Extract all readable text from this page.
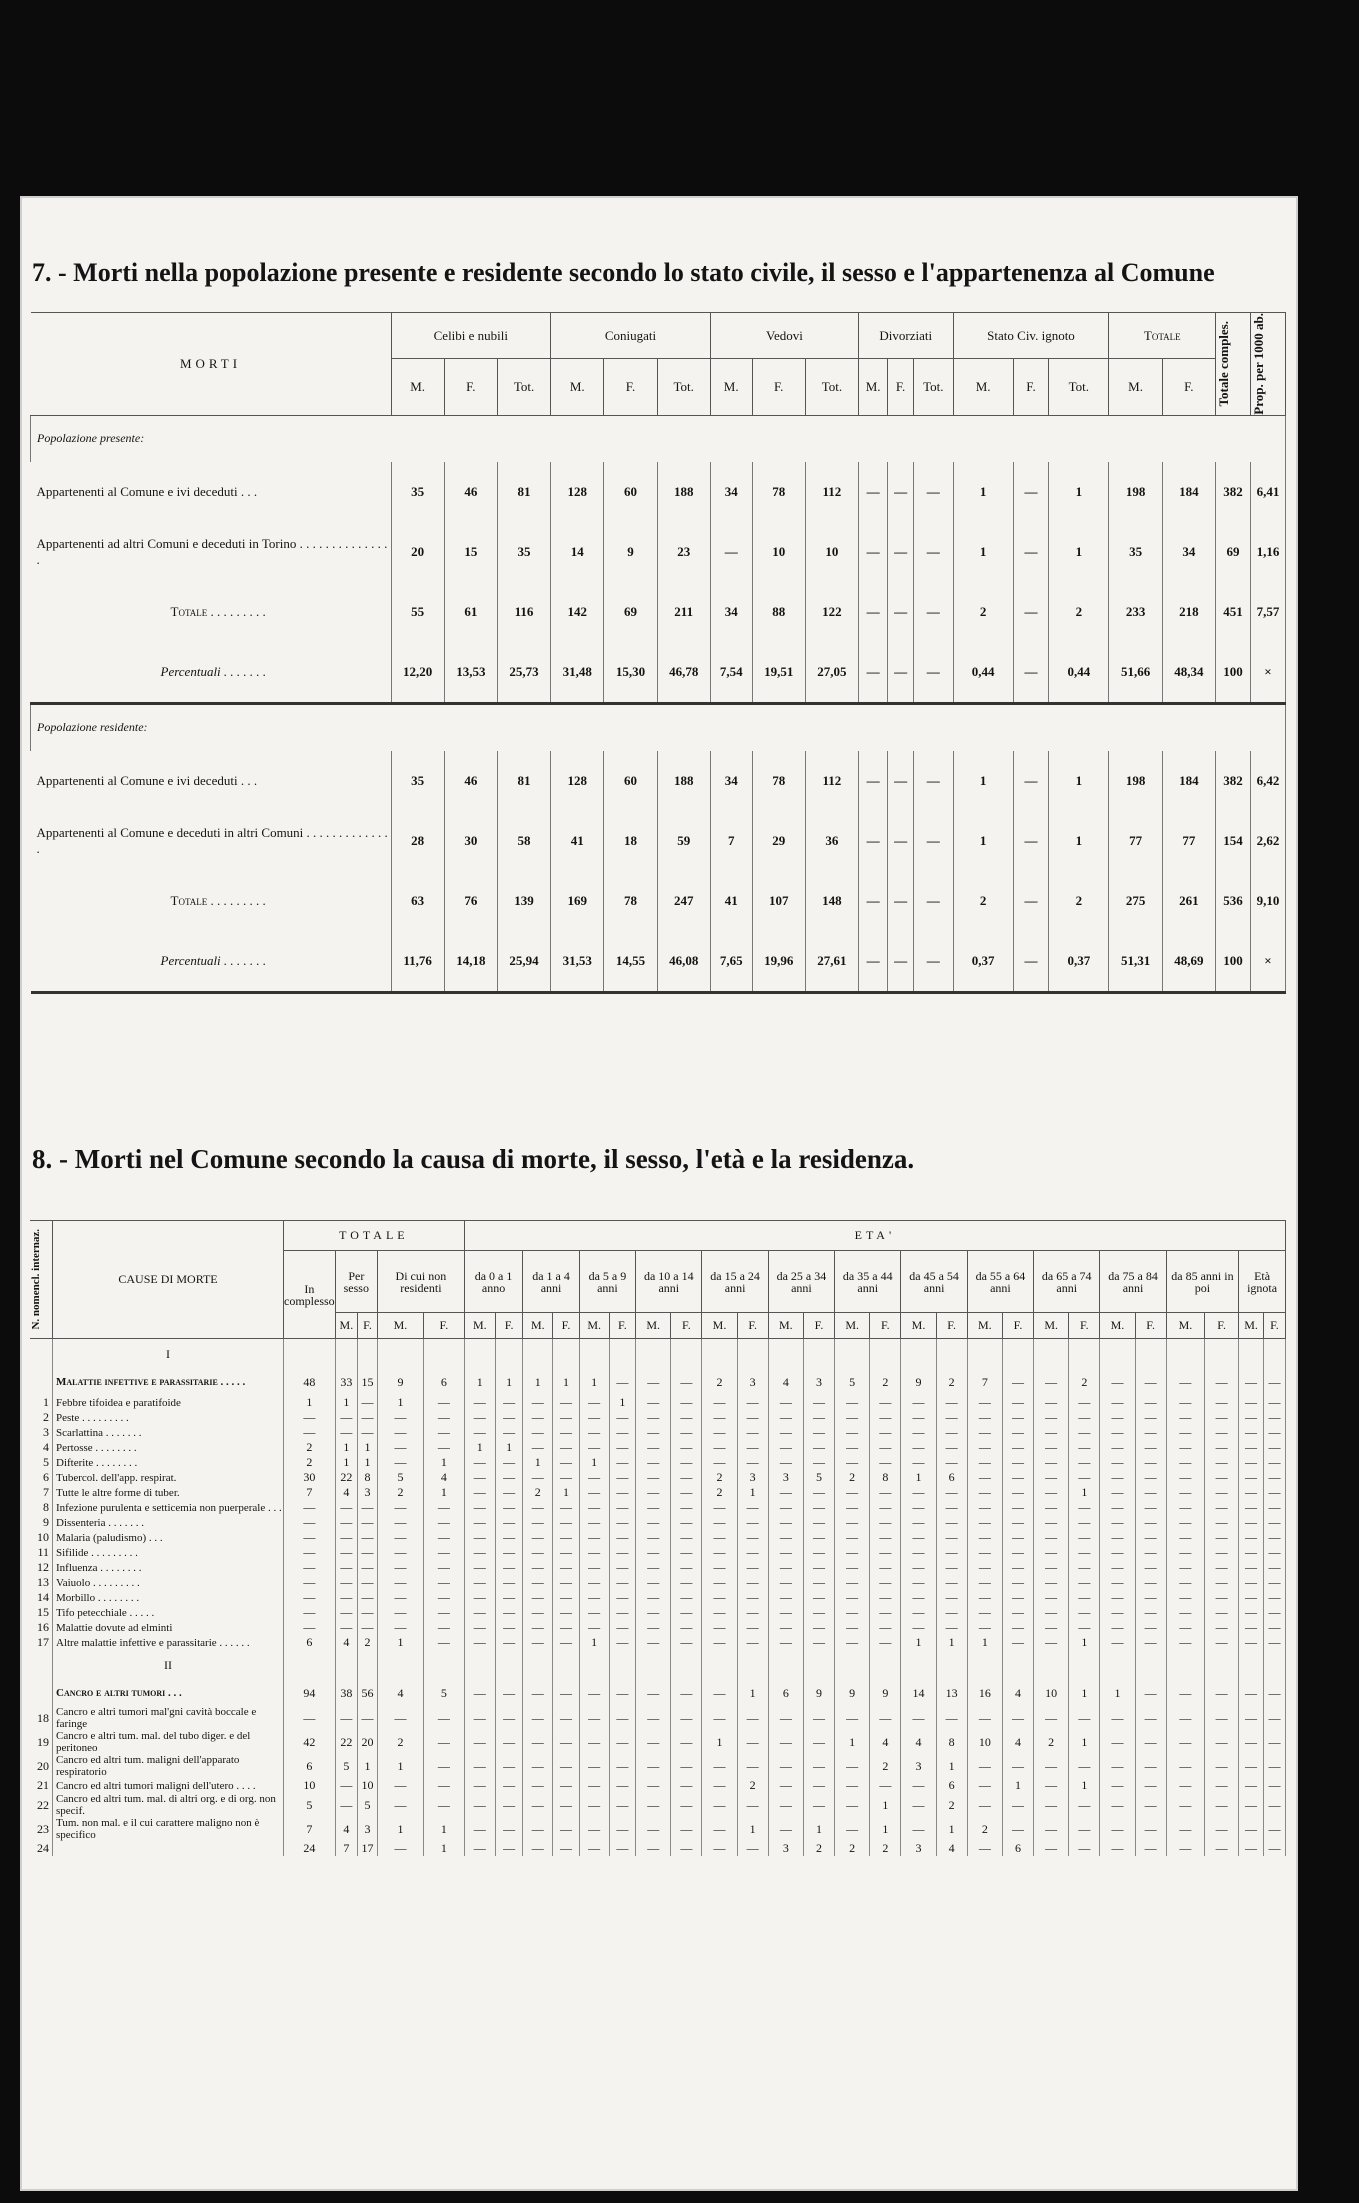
7. - Morti nella popolazione presente e residente secondo lo stato civile, il sesso e l'appartenenza al Comune
MORTI	Celibi e nubili			Coniugati			Vedovi			Divorziati			Stato Civ. ignoto			Totale		Totale comples.	Prop. per 1000 ab.

	M.	F.	Tot.	M.	F.	Tot.	M.	F.	Tot.	M.	F.	Tot.	M.	F.	Tot.	M.	F.		
Popolazione presente:																			
Appartenenti al Comune e ivi deceduti . . .	35	46	81	128	60	188	34	78	112	—	—	—	1	—	1	198	184	382	6,41
Appartenenti ad altri Comuni e deceduti in Torino . . . . . . . . . . . . . . .	20	15	35	14	9	23	—	10	10	—	—	—	1	—	1	35	34	69	1,16
Totale . . . . . . . . .	55	61	116	142	69	211	34	88	122	—	—	—	2	—	2	233	218	451	7,57
Percentuali . . . . . . .	12,20	13,53	25,73	31,48	15,30	46,78	7,54	19,51	27,05	—	—	—	0,44	—	0,44	51,66	48,34	100	×
Popolazione residente:																			
Appartenenti al Comune e ivi deceduti . . .	35	46	81	128	60	188	34	78	112	—	—	—	1	—	1	198	184	382	6,42
Appartenenti al Comune e deceduti in altri Comuni . . . . . . . . . . . . . .	28	30	58	41	18	59	7	29	36	—	—	—	1	—	1	77	77	154	2,62
Totale . . . . . . . . .	63	76	139	169	78	247	41	107	148	—	—	—	2	—	2	275	261	536	9,10
Percentuali . . . . . . .	11,76	14,18	25,94	31,53	14,55	46,08	7,65	19,96	27,61	—	—	—	0,37	—	0,37	51,31	48,69	100	×
8. - Morti nel Comune secondo la causa di morte, il sesso, l'età e la residenza.
N. nomencl. internaz.	CAUSE DI MORTE	TOTALE					ETA'																									
		In complesso	Per sesso		Di cui non residenti		da 0 a 1 anno		da 1 a 4 anni		da 5 a 9 anni		da 10 a 14 anni		da 15 a 24 anni		da 25 a 34 anni		da 35 a 44 anni		da 45 a 54 anni		da 55 a 64 anni		da 65 a 74 anni		da 75 a 84 anni		da 85 anni in poi		Età ignota	
			M.	F.	M.	F.	M.	F.	M.	F.	M.	F.	M.	F.	M.	F.	M.	F.	M.	F.	M.	F.	M.	F.	M.	F.	M.	F.	M.	F.	M.	F.
	I																															
	Malattie infettive e parassitarie . . . . .	48	33	15	9	6	1	1	1	1	1	—	—	—	2	3	4	3	5	2	9	2	7	—	—	2	—	—	—	—	—	—
1	Febbre tifoidea e paratifoide	1	1	—	1	—	—	—	—	—	—	1	—	—	—	—	—	—	—	—	—	—	—	—	—	—	—	—	—	—	—	—
2	Peste . . . . . . . . .	—	—	—	—	—	—	—	—	—	—	—	—	—	—	—	—	—	—	—	—	—	—	—	—	—	—	—	—	—	—	—
3	Scarlattina . . . . . . .	—	—	—	—	—	—	—	—	—	—	—	—	—	—	—	—	—	—	—	—	—	—	—	—	—	—	—	—	—	—	—
4	Pertosse . . . . . . . .	2	1	1	—	—	1	1	—	—	—	—	—	—	—	—	—	—	—	—	—	—	—	—	—	—	—	—	—	—	—	—
5	Difterite . . . . . . . .	2	1	1	—	1	—	—	1	—	1	—	—	—	—	—	—	—	—	—	—	—	—	—	—	—	—	—	—	—	—	—
6	Tubercol. dell'app. respirat.	30	22	8	5	4	—	—	—	—	—	—	—	—	2	3	3	5	2	8	1	6	—	—	—	—	—	—	—	—	—	—
7	Tutte le altre forme di tuber.	7	4	3	2	1	—	—	2	1	—	—	—	—	2	1	—	—	—	—	—	—	—	—	—	1	—	—	—	—	—	—
8	Infezione purulenta e setticemia non puerperale . . .	—	—	—	—	—	—	—	—	—	—	—	—	—	—	—	—	—	—	—	—	—	—	—	—	—	—	—	—	—	—	—
9	Dissenteria . . . . . . .	—	—	—	—	—	—	—	—	—	—	—	—	—	—	—	—	—	—	—	—	—	—	—	—	—	—	—	—	—	—	—
10	Malaria (paludismo) . . .	—	—	—	—	—	—	—	—	—	—	—	—	—	—	—	—	—	—	—	—	—	—	—	—	—	—	—	—	—	—	—
11	Sifilide . . . . . . . . .	—	—	—	—	—	—	—	—	—	—	—	—	—	—	—	—	—	—	—	—	—	—	—	—	—	—	—	—	—	—	—
12	Influenza . . . . . . . .	—	—	—	—	—	—	—	—	—	—	—	—	—	—	—	—	—	—	—	—	—	—	—	—	—	—	—	—	—	—	—
13	Vaiuolo . . . . . . . . .	—	—	—	—	—	—	—	—	—	—	—	—	—	—	—	—	—	—	—	—	—	—	—	—	—	—	—	—	—	—	—
14	Morbillo . . . . . . . .	—	—	—	—	—	—	—	—	—	—	—	—	—	—	—	—	—	—	—	—	—	—	—	—	—	—	—	—	—	—	—
15	Tifo petecchiale . . . . .	—	—	—	—	—	—	—	—	—	—	—	—	—	—	—	—	—	—	—	—	—	—	—	—	—	—	—	—	—	—	—
16	Malattie dovute ad elminti	—	—	—	—	—	—	—	—	—	—	—	—	—	—	—	—	—	—	—	—	—	—	—	—	—	—	—	—	—	—	—
17	Altre malattie infettive e parassitarie . . . . . .	6	4	2	1	—	—	—	—	—	1	—	—	—	—	—	—	—	—	—	1	1	1	—	—	1	—	—	—	—	—	—
	II																															
	Cancro e altri tumori . . .	94	38	56	4	5	—	—	—	—	—	—	—	—	—	1	6	9	9	9	14	13	16	4	10	1	1	—	—	—	—	—
18	Cancro e altri tumori mal'gni cavità boccale e faringe	—	—	—	—	—	—	—	—	—	—	—	—	—	—	—	—	—	—	—	—	—	—	—	—	—	—	—	—	—	—	—
19	Cancro e altri tum. mal. del tubo diger. e del peritoneo	42	22	20	2	—	—	—	—	—	—	—	—	—	1	—	—	—	1	4	4	8	10	4	2	1	—	—	—	—	—	—
20	Cancro ed altri tum. maligni dell'apparato respiratorio	6	5	1	1	—	—	—	—	—	—	—	—	—	—	—	—	—	—	2	3	1	—	—	—	—	—	—	—	—	—	—
21	Cancro ed altri tumori maligni dell'utero . . . .	10	—	10	—	—	—	—	—	—	—	—	—	—	—	2	—	—	—	—	—	6	—	1	—	1	—	—	—	—	—	—
22	Cancro ed altri tum. mal. di altri org. e di org. non specif.	5	—	5	—	—	—	—	—	—	—	—	—	—	—	—	—	—	—	1	—	2	—	—	—	—	—	—	—	—	—	—
23	Tum. non mal. e il cui carattere maligno non è specifico	7	4	3	1	1	—	—	—	—	—	—	—	—	—	1	—	1	—	1	—	1	2	—	—	—	—	—	—	—	—	—
24		24	7	17	—	1	—	—	—	—	—	—	—	—	—	—	3	2	2	2	3	4	—	6	—	—	—	—	—	—	—	—
